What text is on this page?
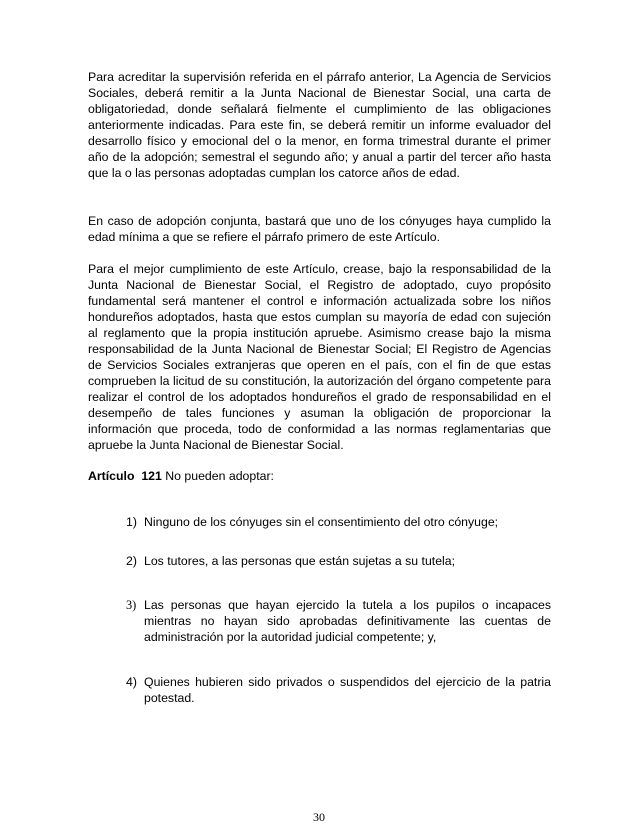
Para acreditar la supervisión referida en el párrafo anterior, La Agencia de Servicios Sociales, deberá remitir a la Junta Nacional de Bienestar Social, una carta de obligatoriedad, donde señalará fielmente el cumplimiento de las obligaciones anteriormente indicadas. Para este fin, se deberá remitir un informe evaluador del desarrollo físico y emocional del o la menor, en forma trimestral durante el primer año de la adopción; semestral el segundo año; y anual a partir del tercer año hasta que la o las personas adoptadas cumplan los catorce años de edad.

En caso de adopción conjunta, bastará que uno de los cónyuges haya cumplido la edad mínima a que se refiere el párrafo primero de este Artículo.

Para el mejor cumplimiento de este Artículo, crease, bajo la responsabilidad de la Junta Nacional de Bienestar Social, el Registro de adoptado, cuyo propósito fundamental será mantener el control e información actualizada sobre los niños hondureños adoptados, hasta que estos cumplan su mayoría de edad con sujeción al reglamento que la propia institución apruebe. Asimismo crease bajo la misma responsabilidad de la Junta Nacional de Bienestar Social; El Registro de Agencias de Servicios Sociales extranjeras que operen en el país, con el fin de que estas comprueben la licitud de su constitución, la autorización del órgano competente para realizar el control de los adoptados hondureños el grado de responsabilidad en el desempeño de tales funciones y asuman la obligación de proporcionar la información que proceda, todo de conformidad a las normas reglamentarias que apruebe la Junta Nacional de Bienestar Social.

Artículo 121 No pueden adoptar:

1) Ninguno de los cónyuges sin el consentimiento del otro cónyuge;
2) Los tutores, a las personas que están sujetas a su tutela;
3) Las personas que hayan ejercido la tutela a los pupilos o incapaces mientras no hayan sido aprobadas definitivamente las cuentas de administración por la autoridad judicial competente; y,
4) Quienes hubieren sido privados o suspendidos del ejercicio de la patria potestad.
30
